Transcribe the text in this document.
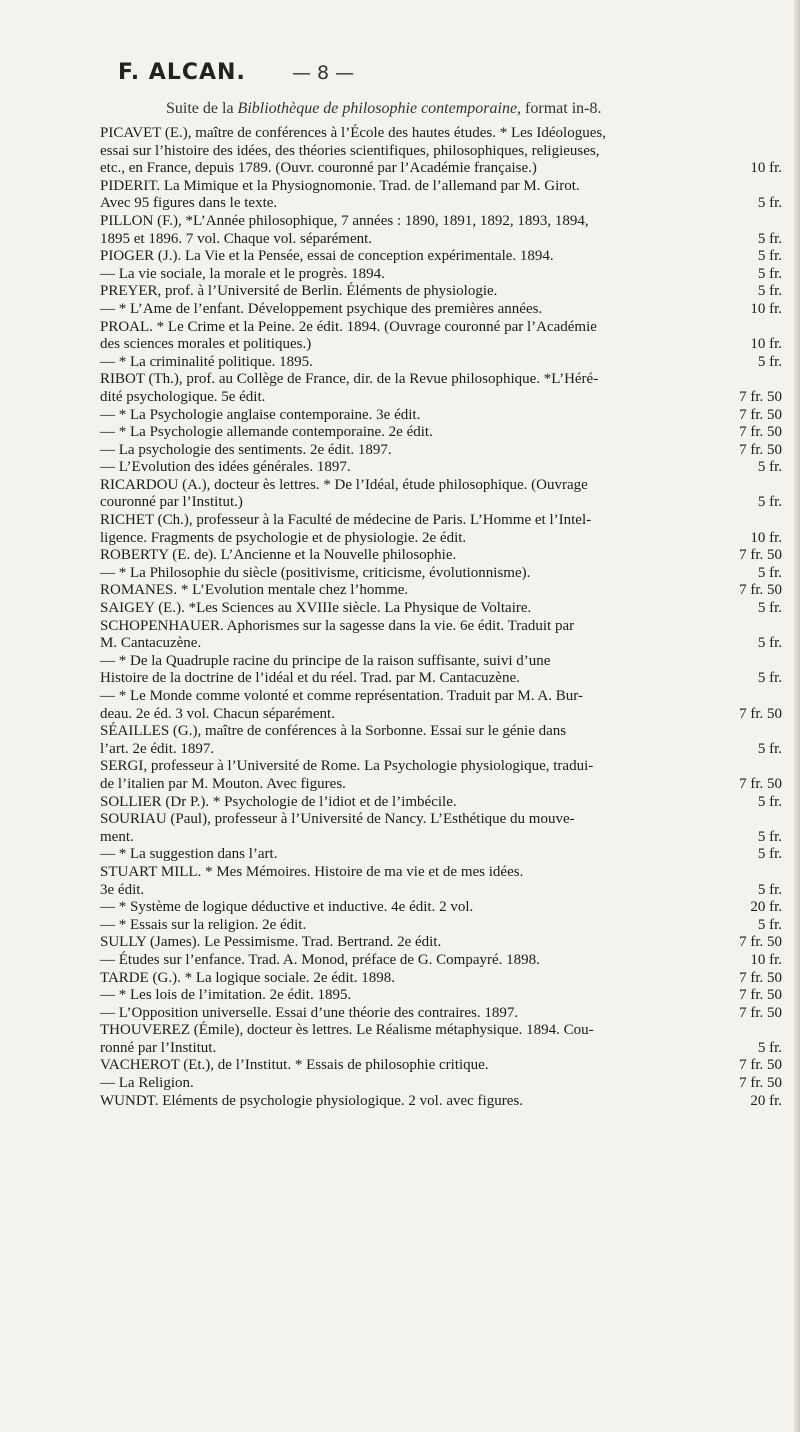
F. ALCAN. — 8 —
Suite de la Bibliothèque de philosophie contemporaine, format in-8.
PICAVET (E.), maître de conférences à l’École des hautes études. * Les Idéologues,
essai sur l’histoire des idées, des théories scientifiques, philosophiques, religieuses,
etc., en France, depuis 1789. (Ouvr. couronné par l’Académie française.)	10 fr.
PIDERIT. La Mimique et la Physiognomonie. Trad. de l’allemand par M. Girot.
Avec 95 figures dans le texte.	5 fr.
PILLON (F.), *L’Année philosophique, 7 années : 1890, 1891, 1892, 1893, 1894,
1895 et 1896. 7 vol. Chaque vol. séparément.	5 fr.
PIOGER (J.). La Vie et la Pensée, essai de conception expérimentale. 1894.	5 fr.
— La vie sociale, la morale et le progrès. 1894.	5 fr.
PREYER, prof. à l’Université de Berlin. Éléments de physiologie.	5 fr.
— * L’Ame de l’enfant. Développement psychique des premières années.	10 fr.
PROAL. * Le Crime et la Peine. 2e édit. 1894. (Ouvrage couronné par l’Académie
des sciences morales et politiques.)	10 fr.
— * La criminalité politique. 1895.	5 fr.
RIBOT (Th.), prof. au Collège de France, dir. de la Revue philosophique. *L’Héré-
dité psychologique. 5e édit.	7 fr. 50
— * La Psychologie anglaise contemporaine. 3e édit.	7 fr. 50
— * La Psychologie allemande contemporaine. 2e édit.	7 fr. 50
— La psychologie des sentiments. 2e édit. 1897.	7 fr. 50
— L’Evolution des idées générales. 1897.	5 fr.
RICARDOU (A.), docteur ès lettres. * De l’Idéal, étude philosophique. (Ouvrage
couronné par l’Institut.)	5 fr.
RICHET (Ch.), professeur à la Faculté de médecine de Paris. L’Homme et l’Intel-
ligence. Fragments de psychologie et de physiologie. 2e édit.	10 fr.
ROBERTY (E. de). L’Ancienne et la Nouvelle philosophie.	7 fr. 50
— * La Philosophie du siècle (positivisme, criticisme, évolutionnisme).	5 fr.
ROMANES. * L’Evolution mentale chez l’homme.	7 fr. 50
SAIGEY (E.). *Les Sciences au XVIIIe siècle. La Physique de Voltaire.	5 fr.
SCHOPENHAUER. Aphorismes sur la sagesse dans la vie. 6e édit. Traduit par
M. Cantacuzène.	5 fr.
— * De la Quadruple racine du principe de la raison suffisante, suivi d’une
Histoire de la doctrine de l’idéal et du réel. Trad. par M. Cantacuzène.	5 fr.
— * Le Monde comme volonté et comme représentation. Traduit par M. A. Bur-
deau. 2e éd. 3 vol. Chacun séparément.	7 fr. 50
SÉAILLES (G.), maître de conférences à la Sorbonne. Essai sur le génie dans
l’art. 2e édit. 1897.	5 fr.
SERGI, professeur à l’Université de Rome. La Psychologie physiologique, tradui-
de l’italien par M. Mouton. Avec figures.	7 fr. 50
SOLLIER (Dr P.). * Psychologie de l’idiot et de l’imbécile.	5 fr.
SOURIAU (Paul), professeur à l’Université de Nancy. L’Esthétique du mouve-
ment.	5 fr.
— * La suggestion dans l’art.	5 fr.
STUART MILL. * Mes Mémoires. Histoire de ma vie et de mes idées.
3e édit.	5 fr.
— * Système de logique déductive et inductive. 4e édit. 2 vol.	20 fr.
— * Essais sur la religion. 2e édit.	5 fr.
SULLY (James). Le Pessimisme. Trad. Bertrand. 2e édit.	7 fr. 50
— Études sur l’enfance. Trad. A. Monod, préface de G. Compayré. 1898.	10 fr.
TARDE (G.). * La logique sociale. 2e édit. 1898.	7 fr. 50
— * Les lois de l’imitation. 2e édit. 1895.	7 fr. 50
— L’Opposition universelle. Essai d’une théorie des contraires. 1897.	7 fr. 50
THOUVEREZ (Émile), docteur ès lettres. Le Réalisme métaphysique. 1894. Cou-
ronné par l’Institut.	5 fr.
VACHEROT (Et.), de l’Institut. * Essais de philosophie critique.	7 fr. 50
— La Religion.	7 fr. 50
WUNDT. Eléments de psychologie physiologique. 2 vol. avec figures.	20 fr.
